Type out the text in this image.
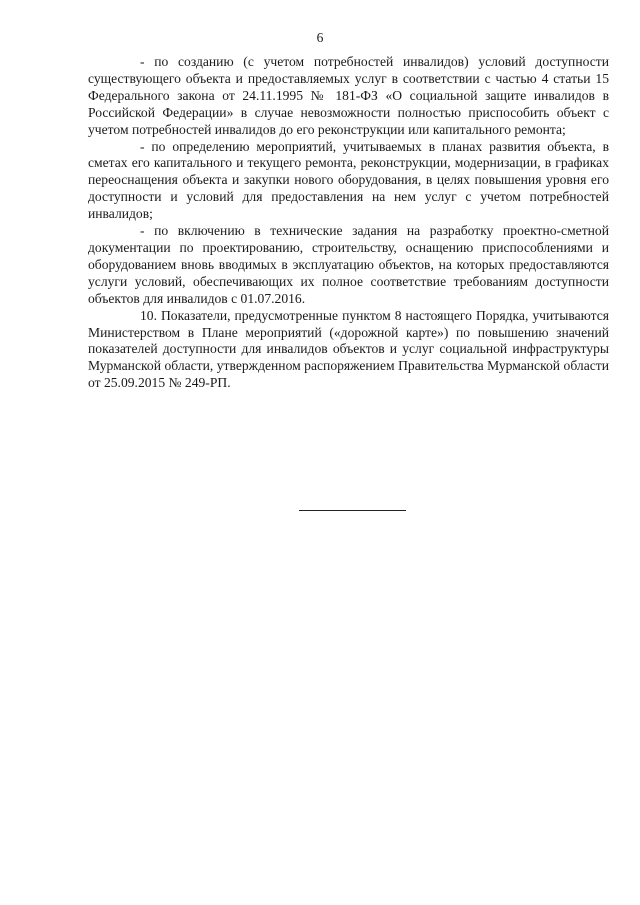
6

- по созданию (с учетом потребностей инвалидов) условий доступности существующего объекта и предоставляемых услуг в соответствии с частью 4 статьи 15 Федерального закона от 24.11.1995 № 181-ФЗ «О социальной защите инвалидов в Российской Федерации» в случае невозможности полностью приспособить объект с учетом потребностей инвалидов до его реконструкции или капитального ремонта;

- по определению мероприятий, учитываемых в планах развития объекта, в сметах его капитального и текущего ремонта, реконструкции, модернизации, в графиках переоснащения объекта и закупки нового оборудования, в целях повышения уровня его доступности и условий для предоставления на нем услуг с учетом потребностей инвалидов;

- по включению в технические задания на разработку проектно-сметной документации по проектированию, строительству, оснащению приспособлениями и оборудованием вновь вводимых в эксплуатацию объектов, на которых предоставляются услуги условий, обеспечивающих их полное соответствие требованиям доступности объектов для инвалидов с 01.07.2016.

10. Показатели, предусмотренные пунктом 8 настоящего Порядка, учитываются Министерством в Плане мероприятий («дорожной карте») по повышению значений показателей доступности для инвалидов объектов и услуг социальной инфраструктуры Мурманской области, утвержденном распоряжением Правительства Мурманской области от 25.09.2015 № 249-РП.
